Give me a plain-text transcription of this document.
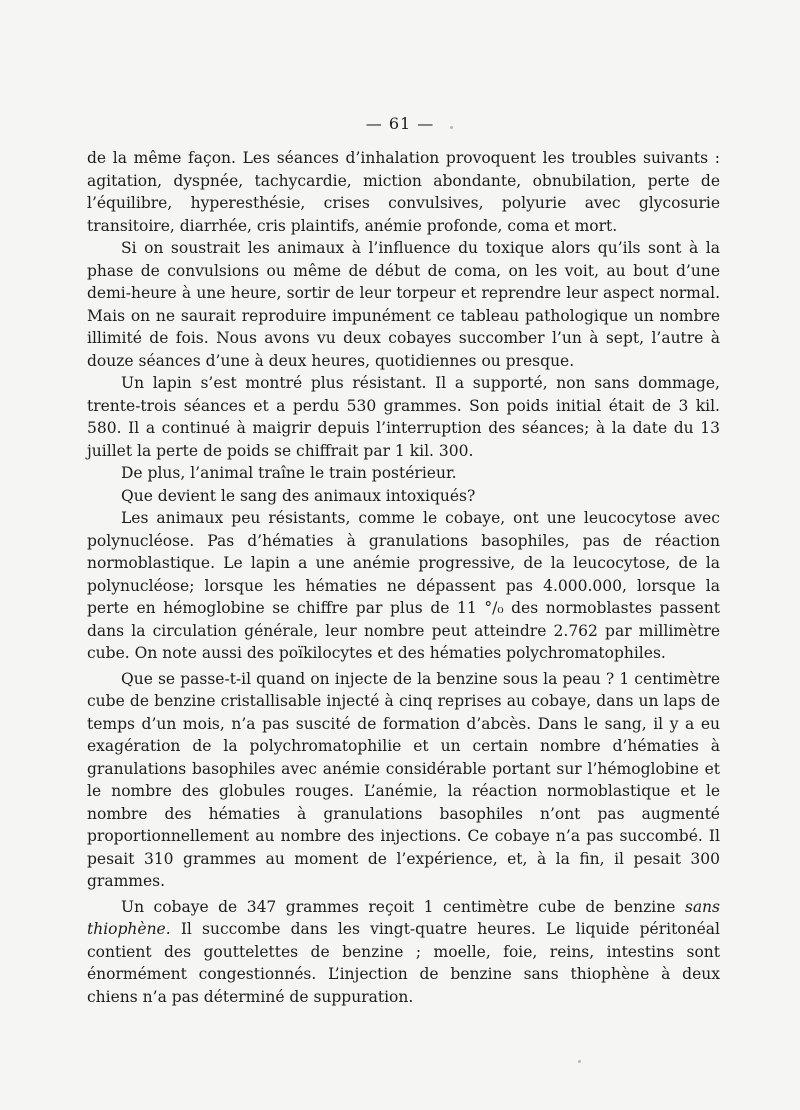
— 61 —

de la même façon. Les séances d’inhalation provoquent les troubles suivants : agitation, dyspnée, tachycardie, miction abondante, obnubilation, perte de l’équilibre, hyperesthésie, crises convulsives, polyurie avec glycosurie transitoire, diarrhée, cris plaintifs, anémie profonde, coma et mort.

Si on soustrait les animaux à l’influence du toxique alors qu’ils sont à la phase de convulsions ou même de début de coma, on les voit, au bout d’une demi-heure à une heure, sortir de leur torpeur et reprendre leur aspect normal. Mais on ne saurait reproduire impunément ce tableau pathologique un nombre illimité de fois. Nous avons vu deux cobayes succomber l’un à sept, l’autre à douze séances d’une à deux heures, quotidiennes ou presque.

Un lapin s’est montré plus résistant. Il a supporté, non sans dommage, trente-trois séances et a perdu 530 grammes. Son poids initial était de 3 kil. 580. Il a continué à maigrir depuis l’interruption des séances; à la date du 13 juillet la perte de poids se chiffrait par 1 kil. 300.

De plus, l’animal traîne le train postérieur.

Que devient le sang des animaux intoxiqués?

Les animaux peu résistants, comme le cobaye, ont une leucocytose avec polynucléose. Pas d’hématies à granulations basophiles, pas de réaction normoblastique. Le lapin a une anémie progressive, de la leucocytose, de la polynucléose; lorsque les hématies ne dépassent pas 4.000.000, lorsque la perte en hémoglobine se chiffre par plus de 11 °/₀ des normoblastes passent dans la circulation générale, leur nombre peut atteindre 2.762 par millimètre cube. On note aussi des poïkilocytes et des hématies polychromatophiles.

Que se passe-t-il quand on injecte de la benzine sous la peau ? 1 centimètre cube de benzine cristallisable injecté à cinq reprises au cobaye, dans un laps de temps d’un mois, n’a pas suscité de formation d’abcès. Dans le sang, il y a eu exagération de la polychromatophilie et un certain nombre d’hématies à granulations basophiles avec anémie considérable portant sur l’hémoglobine et le nombre des globules rouges. L’anémie, la réaction normoblastique et le nombre des hématies à granulations basophiles n’ont pas augmenté proportionnellement au nombre des injections. Ce cobaye n’a pas succombé. Il pesait 310 grammes au moment de l’expérience, et, à la fin, il pesait 300 grammes.

Un cobaye de 347 grammes reçoit 1 centimètre cube de benzine sans thiophène. Il succombe dans les vingt-quatre heures. Le liquide péritonéal contient des gouttelettes de benzine ; moelle, foie, reins, intestins sont énormément congestionnés. L’injection de benzine sans thiophène à deux chiens n’a pas déterminé de suppuration.
